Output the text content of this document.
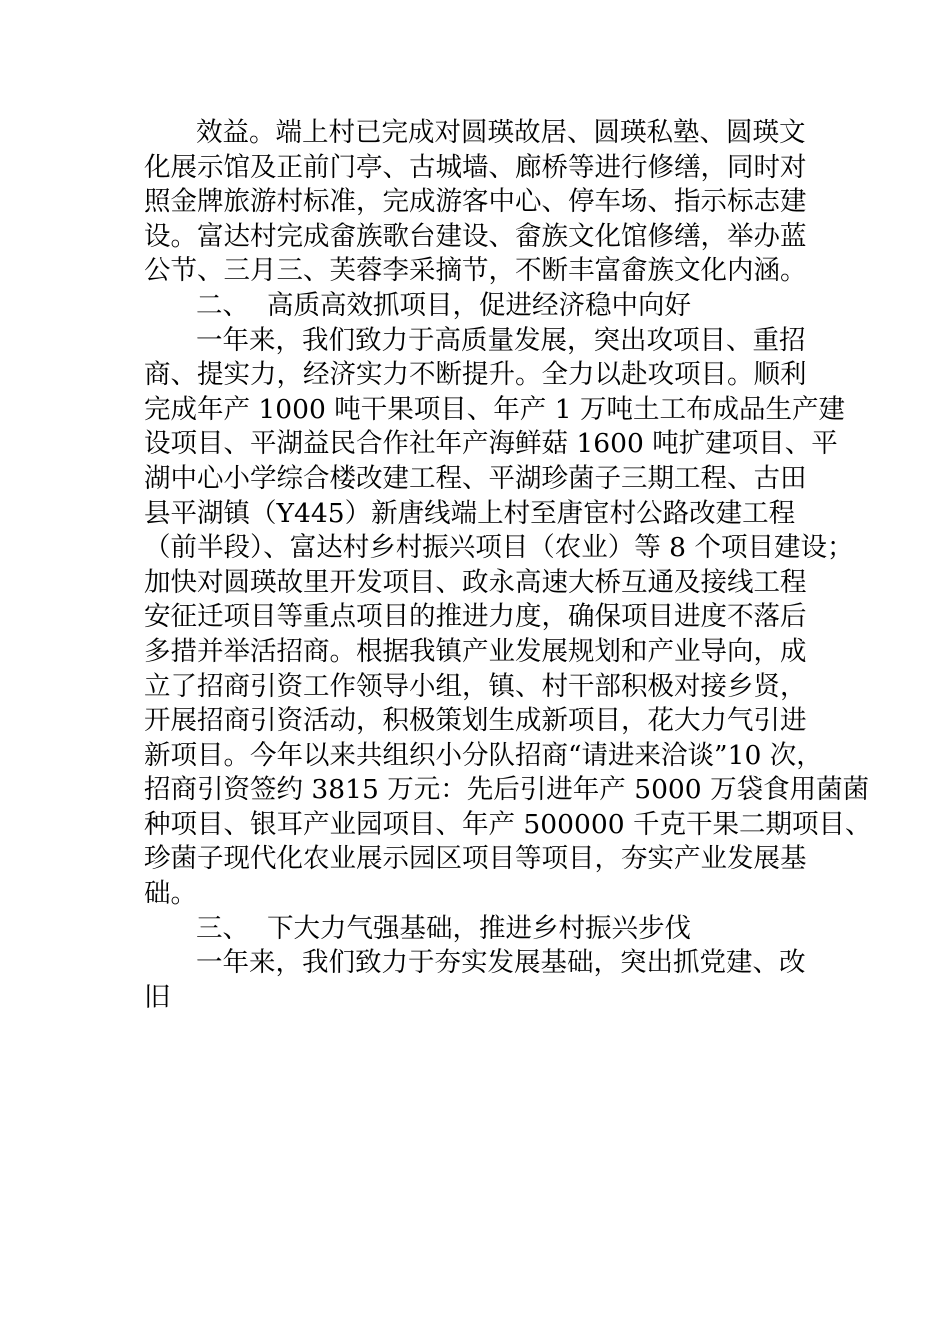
效益。端上村已完成对圆瑛故居、圆瑛私塾、圆瑛文
化展示馆及正前门亭、古城墙、廊桥等进行修缮，同时对
照金牌旅游村标准，完成游客中心、停车场、指示标志建
设。富达村完成畲族歌台建设、畲族文化馆修缮，举办蓝
公节、三月三、芙蓉李采摘节，不断丰富畲族文化内涵。
二、 高质高效抓项目，促进经济稳中向好
一年来，我们致力于高质量发展，突出攻项目、重招
商、提实力，经济实力不断提升。全力以赴攻项目。顺利
完成年产 1000 吨干果项目、年产 1 万吨土工布成品生产建
设项目、平湖益民合作社年产海鲜菇 1600 吨扩建项目、平
湖中心小学综合楼改建工程、平湖珍菌子三期工程、古田
县平湖镇（Y445）新唐线端上村至唐宦村公路改建工程
（前半段）、富达村乡村振兴项目（农业）等 8 个项目建设；
加快对圆瑛故里开发项目、政永高速大桥互通及接线工程
安征迁项目等重点项目的推进力度，确保项目进度不落后
多措并举活招商。根据我镇产业发展规划和产业导向，成
立了招商引资工作领导小组，镇、村干部积极对接乡贤，
开展招商引资活动，积极策划生成新项目，花大力气引进
新项目。今年以来共组织小分队招商“请进来洽谈”10 次，
招商引资签约 3815 万元：先后引进年产 5000 万袋食用菌菌
种项目、银耳产业园项目、年产 500000 千克干果二期项目、
珍菌子现代化农业展示园区项目等项目，夯实产业发展基
础。
三、 下大力气强基础，推进乡村振兴步伐
一年来，我们致力于夯实发展基础，突出抓党建、改
旧
